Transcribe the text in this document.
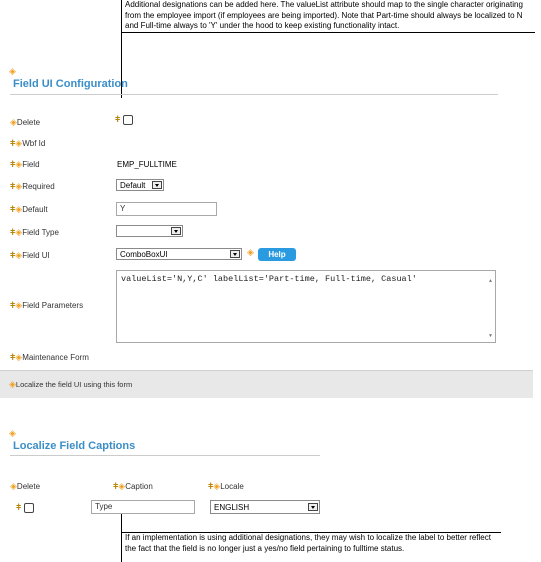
Additional designations can be added here. The valueList attribute should map to the single character originating from the employee import (if employees are being imported). Note that Part-time should always be localized to N and Full-time always to 'Y' under the hood to keep existing functionality intact.
◈
Field UI Configuration
◈Delete	ǂ
ǂ◈Wbf Id
ǂ◈Field	EMP_FULLTIME
ǂ◈Required	Default
ǂ◈Default	Y
ǂ◈Field Type
ǂ◈Field UI	ComboBoxUI	◈	Help
ǂ◈Field Parameters
valueList='N,Y,C' labelList='Part-time, Full-time, Casual'	▲
▼
ǂ◈Maintenance Form
◈Localize the field UI using this form
◈
Localize Field Captions
◈Delete	ǂ◈Caption	ǂ◈Locale
ǂ	Type	ENGLISH
If an implementation is using additional designations, they may wish to localize the label to better reflect the fact that the field is no longer just a yes/no field pertaining to fulltime status.
